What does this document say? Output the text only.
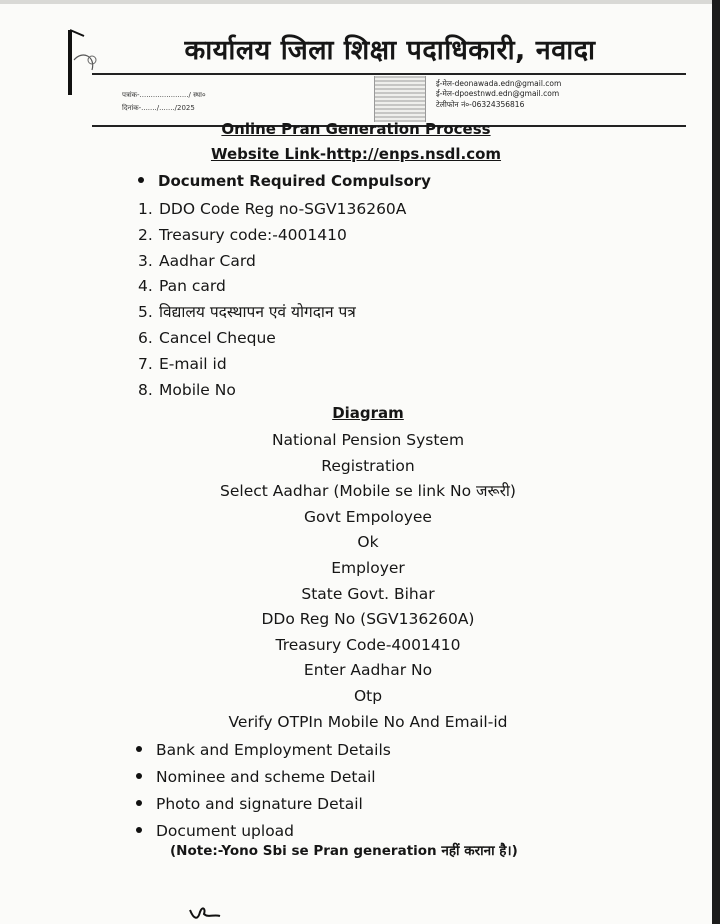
कार्यालय जिला शिक्षा पदाधिकारी, नवादा
पत्रांक-....................../ स्था०
दिनांक-......./......./2025
ई-मेल-deonawada.edn@gmail.com
ई-मेल-dpoestnwd.edn@gmail.com
टेलीफोन नं०-06324356816
Online Pran Generation Process
Website Link-http://enps.nsdl.com
Document Required Compulsory
1. DDO Code Reg no-SGV136260A
2. Treasury code:-4001410
3. Aadhar Card
4. Pan card
5. विद्यालय पदस्थापन एवं योगदान पत्र
6. Cancel Cheque
7. E-mail id
8. Mobile No
Diagram
National Pension System
Registration
Select Aadhar (Mobile se link No जरूरी)
Govt Empoloyee
Ok
Employer
State Govt. Bihar
DDo Reg No (SGV136260A)
Treasury Code-4001410
Enter Aadhar No
Otp
Verify OTPIn Mobile No And Email-id
Bank and Employment Details
Nominee and scheme Detail
Photo and signature Detail
Document upload
(Note:-Yono Sbi se Pran generation नहीं कराना है।)
